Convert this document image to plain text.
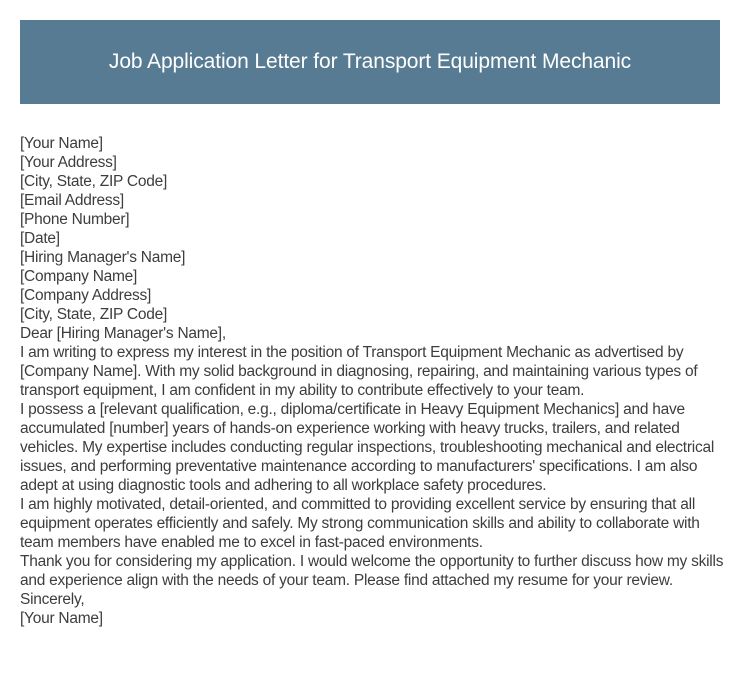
Job Application Letter for Transport Equipment Mechanic

[Your Name]

[Your Address]

[City, State, ZIP Code]

[Email Address]

[Phone Number]

[Date]

[Hiring Manager's Name]

[Company Name]

[Company Address]

[City, State, ZIP Code]

Dear [Hiring Manager's Name],

I am writing to express my interest in the position of Transport Equipment Mechanic as advertised by [Company Name]. With my solid background in diagnosing, repairing, and maintaining various types of transport equipment, I am confident in my ability to contribute effectively to your team.

I possess a [relevant qualification, e.g., diploma/certificate in Heavy Equipment Mechanics] and have accumulated [number] years of hands-on experience working with heavy trucks, trailers, and related vehicles. My expertise includes conducting regular inspections, troubleshooting mechanical and electrical issues, and performing preventative maintenance according to manufacturers' specifications. I am also adept at using diagnostic tools and adhering to all workplace safety procedures.

I am highly motivated, detail-oriented, and committed to providing excellent service by ensuring that all equipment operates efficiently and safely. My strong communication skills and ability to collaborate with team members have enabled me to excel in fast-paced environments.

Thank you for considering my application. I would welcome the opportunity to further discuss how my skills and experience align with the needs of your team. Please find attached my resume for your review.

Sincerely,

[Your Name]
